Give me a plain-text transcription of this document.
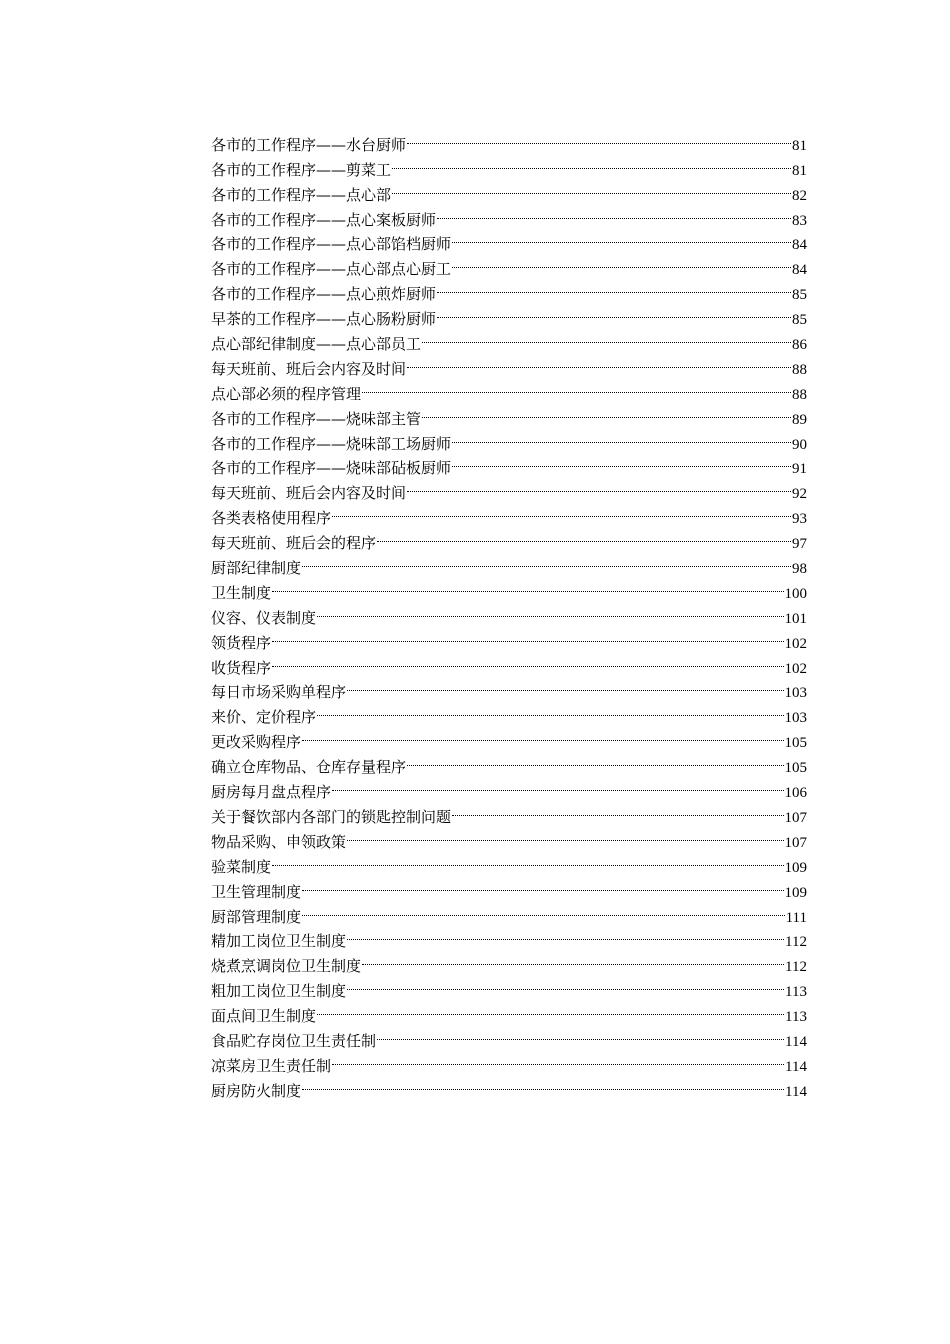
各市的工作程序——水台厨师	81
各市的工作程序——剪菜工	81
各市的工作程序——点心部	82
各市的工作程序——点心案板厨师	83
各市的工作程序——点心部馅档厨师	84
各市的工作程序——点心部点心厨工	84
各市的工作程序——点心煎炸厨师	85
早茶的工作程序——点心肠粉厨师	85
点心部纪律制度——点心部员工	86
每天班前、班后会内容及时间	88
点心部必须的程序管理	88
各市的工作程序——烧味部主管	89
各市的工作程序——烧味部工场厨师	90
各市的工作程序——烧味部砧板厨师	91
每天班前、班后会内容及时间	92
各类表格使用程序	93
每天班前、班后会的程序	97
厨部纪律制度	98
卫生制度	100
仪容、仪表制度	101
领货程序	102
收货程序	102
每日市场采购单程序	103
来价、定价程序	103
更改采购程序	105
确立仓库物品、仓库存量程序	105
厨房每月盘点程序	106
关于餐饮部内各部门的锁匙控制问题	107
物品采购、申领政策	107
验菜制度	109
卫生管理制度	109
厨部管理制度	111
精加工岗位卫生制度	112
烧煮烹调岗位卫生制度	112
粗加工岗位卫生制度	113
面点间卫生制度	113
食品贮存岗位卫生责任制	114
凉菜房卫生责任制	114
厨房防火制度	114
